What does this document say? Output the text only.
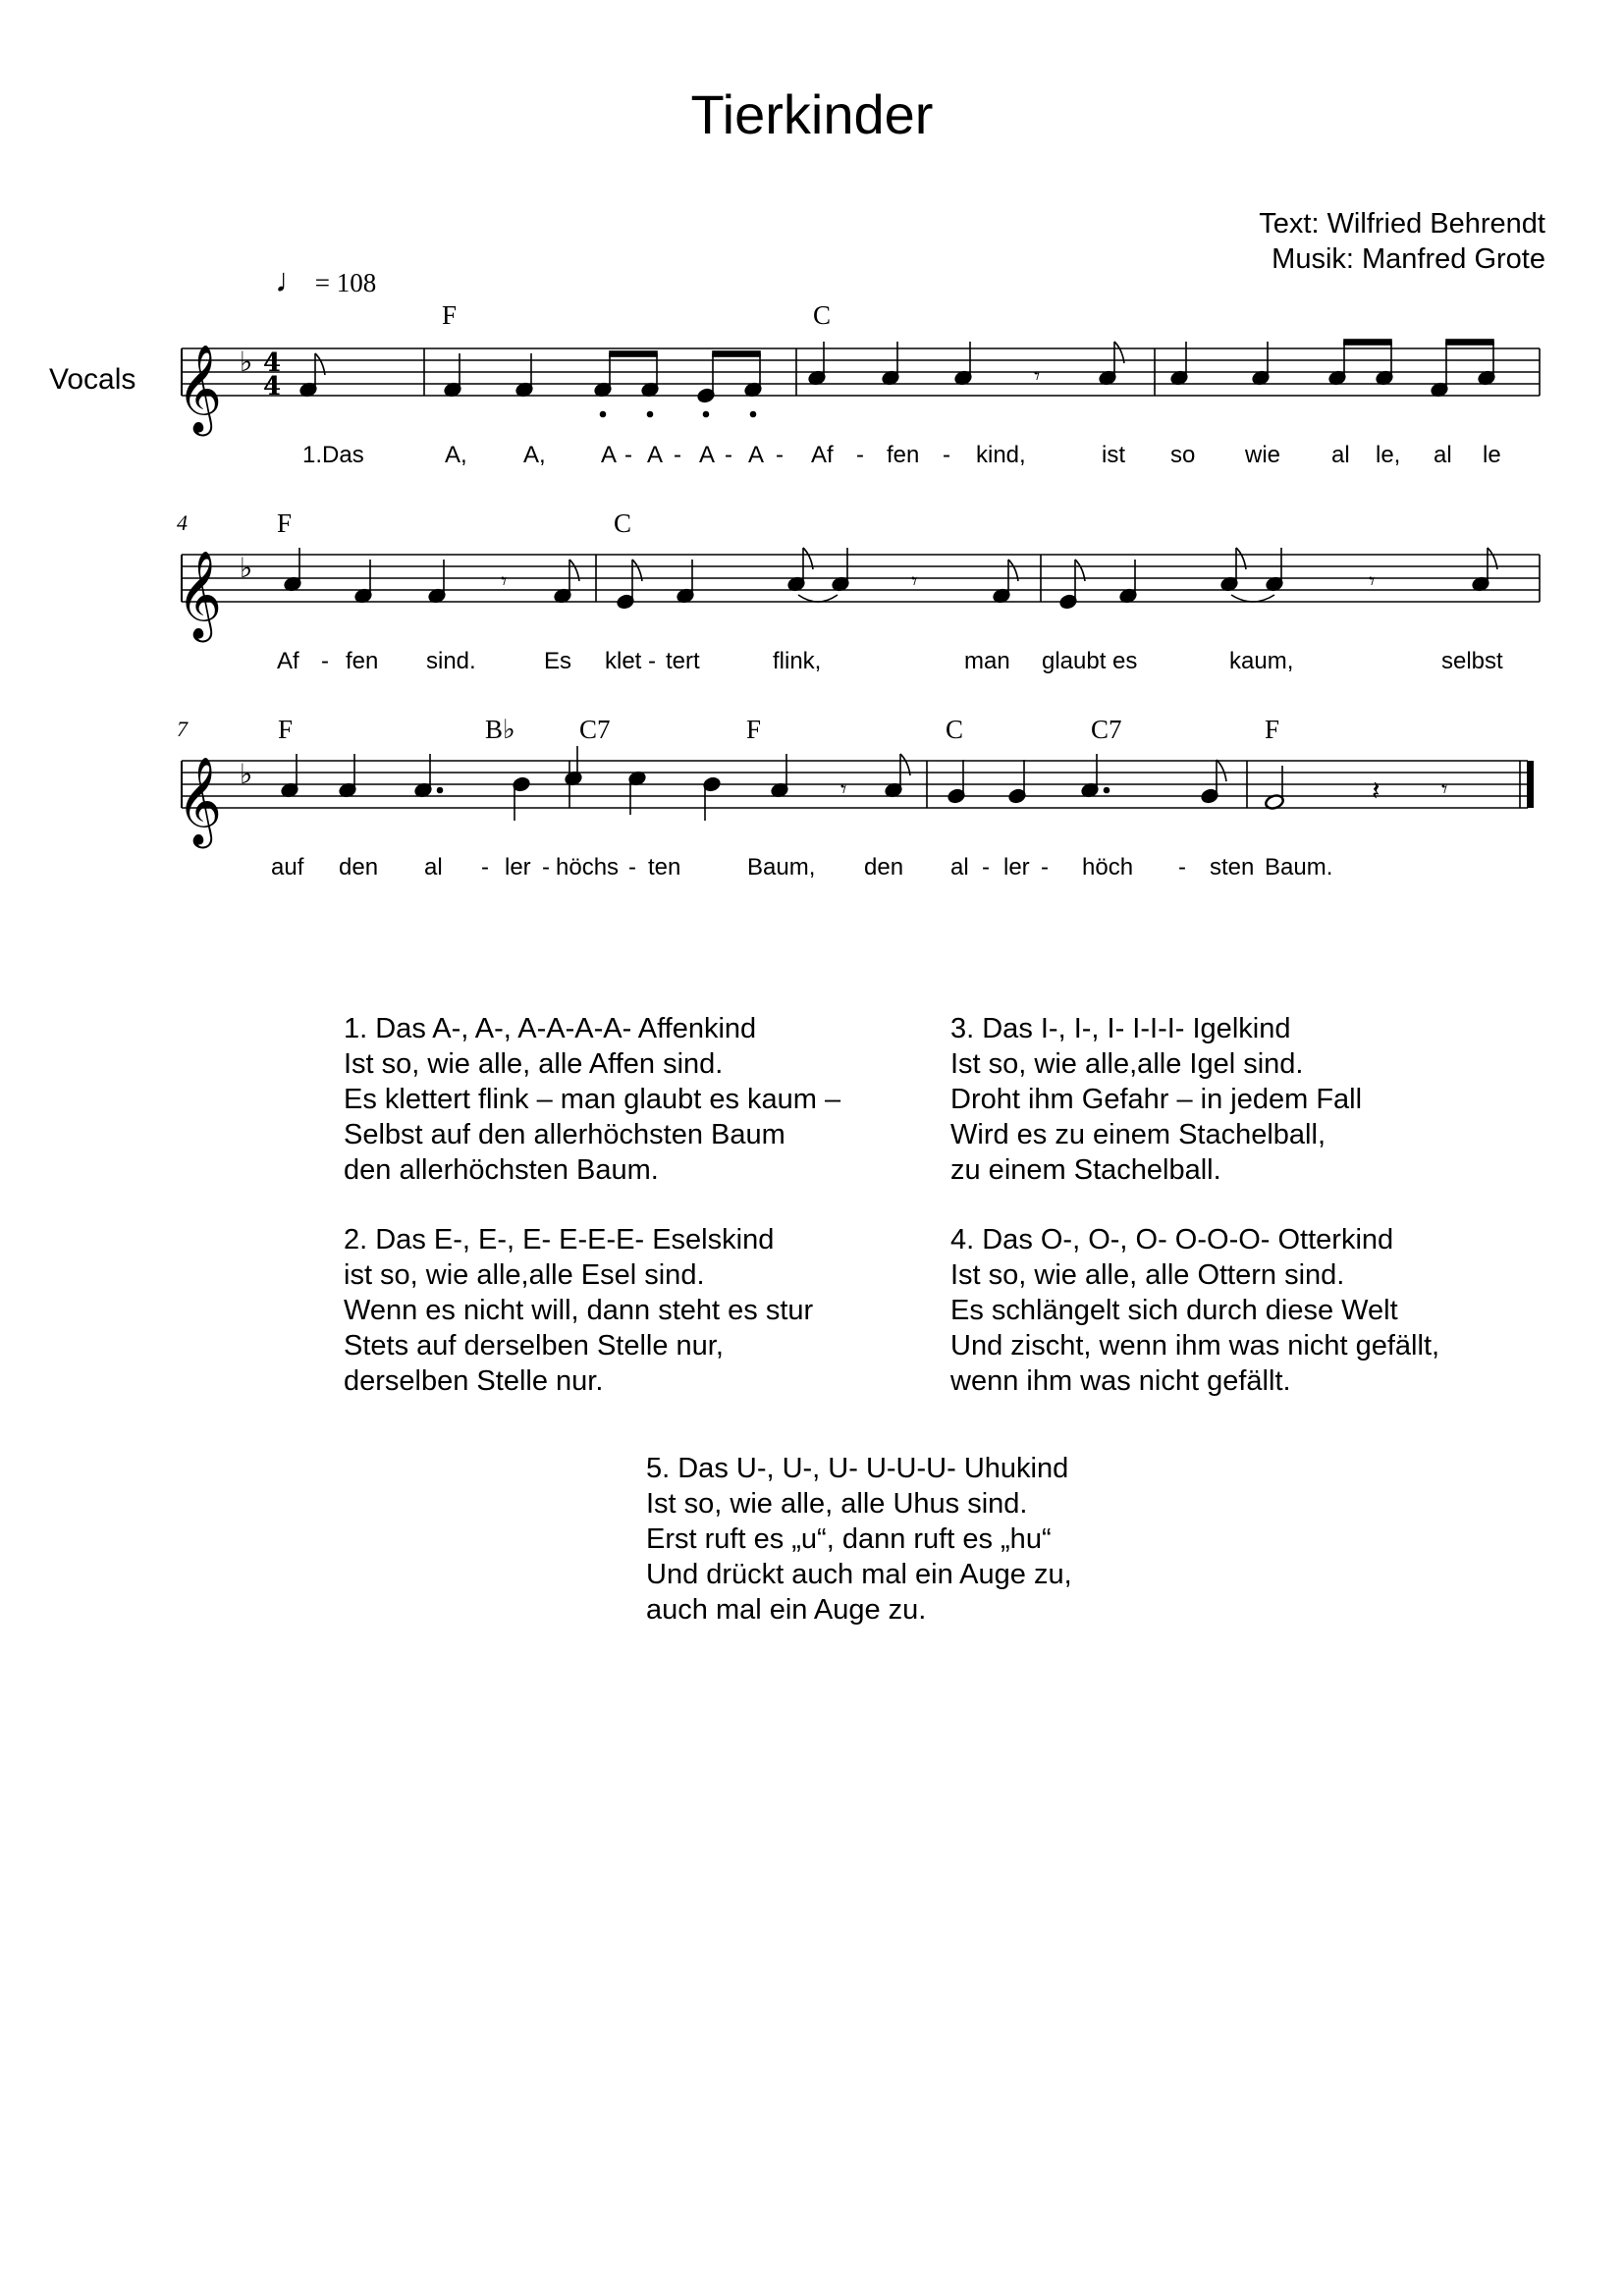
Tierkinder
Text: Wilfried Behrendt
Musik: Manfred Grote
♩ = 108
Vocals 𝄞 ♭ 4
4	𝄾
𝄞 ♭	𝄾	𝄾	𝄾
𝄞 ♭	𝄾	𝄽	𝄾
4
7
F	C
F	C
F	B♭ C7	F	C	C7	F
1.Das	A, A, A - A - A - A - Af - fen - kind,	ist so wie al le, al le
Af - fen sind.	Es klet - tert	flink,	man glaubt es	kaum,	selbst
auf den al - ler - höchs - ten	Baum, den al - ler - höch - sten Baum.
1. Das A-, A-, A-A-A-A- Affenkind
Ist so, wie alle, alle Affen sind.
Es klettert flink – man glaubt es kaum –
Selbst auf den allerhöchsten Baum
den allerhöchsten Baum.
2. Das E-, E-, E- E-E-E- Eselskind
ist so, wie alle,alle Esel sind.
Wenn es nicht will, dann steht es stur
Stets auf derselben Stelle nur,
derselben Stelle nur.
3. Das I-, I-, I- I-I-I- Igelkind
Ist so, wie alle,alle Igel sind.
Droht ihm Gefahr – in jedem Fall
Wird es zu einem Stachelball,
zu einem Stachelball.
4. Das O-, O-, O- O-O-O- Otterkind
Ist so, wie alle, alle Ottern sind.
Es schlängelt sich durch diese Welt
Und zischt, wenn ihm was nicht gefällt,
wenn ihm was nicht gefällt.
5. Das U-, U-, U- U-U-U- Uhukind
Ist so, wie alle, alle Uhus sind.
Erst ruft es „u“, dann ruft es „hu“
Und drückt auch mal ein Auge zu,
auch mal ein Auge zu.
